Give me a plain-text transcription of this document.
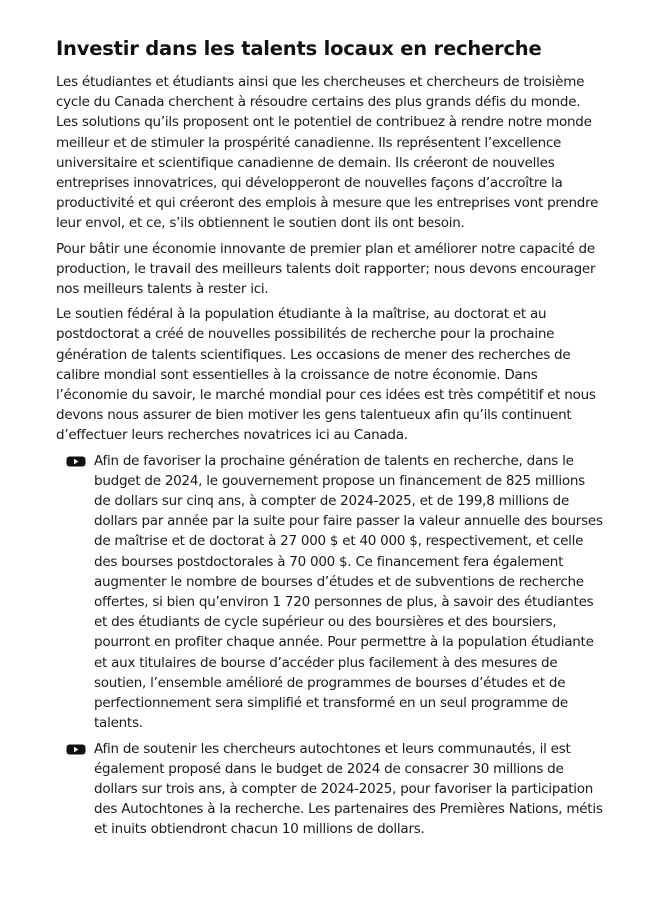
Investir dans les talents locaux en recherche

Les étudiantes et étudiants ainsi que les chercheuses et chercheurs de troisième cycle du Canada cherchent à résoudre certains des plus grands défis du monde. Les solutions qu’ils proposent ont le potentiel de contribuez à rendre notre monde meilleur et de stimuler la prospérité canadienne. Ils représentent l’excellence universitaire et scientifique canadienne de demain. Ils créeront de nouvelles entreprises innovatrices, qui développeront de nouvelles façons d’accroître la productivité et qui créeront des emplois à mesure que les entreprises vont prendre leur envol, et ce, s’ils obtiennent le soutien dont ils ont besoin.

Pour bâtir une économie innovante de premier plan et améliorer notre capacité de production, le travail des meilleurs talents doit rapporter; nous devons encourager nos meilleurs talents à rester ici.

Le soutien fédéral à la population étudiante à la maîtrise, au doctorat et au postdoctorat a créé de nouvelles possibilités de recherche pour la prochaine génération de talents scientifiques. Les occasions de mener des recherches de calibre mondial sont essentielles à la croissance de notre économie. Dans l’économie du savoir, le marché mondial pour ces idées est très compétitif et nous devons nous assurer de bien motiver les gens talentueux afin qu’ils continuent d’effectuer leurs recherches novatrices ici au Canada.

Afin de favoriser la prochaine génération de talents en recherche, dans le budget de 2024, le gouvernement propose un financement de 825 millions de dollars sur cinq ans, à compter de 2024-2025, et de 199,8 millions de dollars par année par la suite pour faire passer la valeur annuelle des bourses de maîtrise et de doctorat à 27 000 $ et 40 000 $, respectivement, et celle des bourses postdoctorales à 70 000 $. Ce financement fera également augmenter le nombre de bourses d’études et de subventions de recherche offertes, si bien qu’environ 1 720 personnes de plus, à savoir des étudiantes et des étudiants de cycle supérieur ou des boursières et des boursiers, pourront en profiter chaque année. Pour permettre à la population étudiante et aux titulaires de bourse d’accéder plus facilement à des mesures de soutien, l’ensemble amélioré de programmes de bourses d’études et de perfectionnement sera simplifié et transformé en un seul programme de talents.
Afin de soutenir les chercheurs autochtones et leurs communautés, il est également proposé dans le budget de 2024 de consacrer 30 millions de dollars sur trois ans, à compter de 2024-2025, pour favoriser la participation des Autochtones à la recherche. Les partenaires des Premières Nations, métis et inuits obtiendront chacun 10 millions de dollars.
